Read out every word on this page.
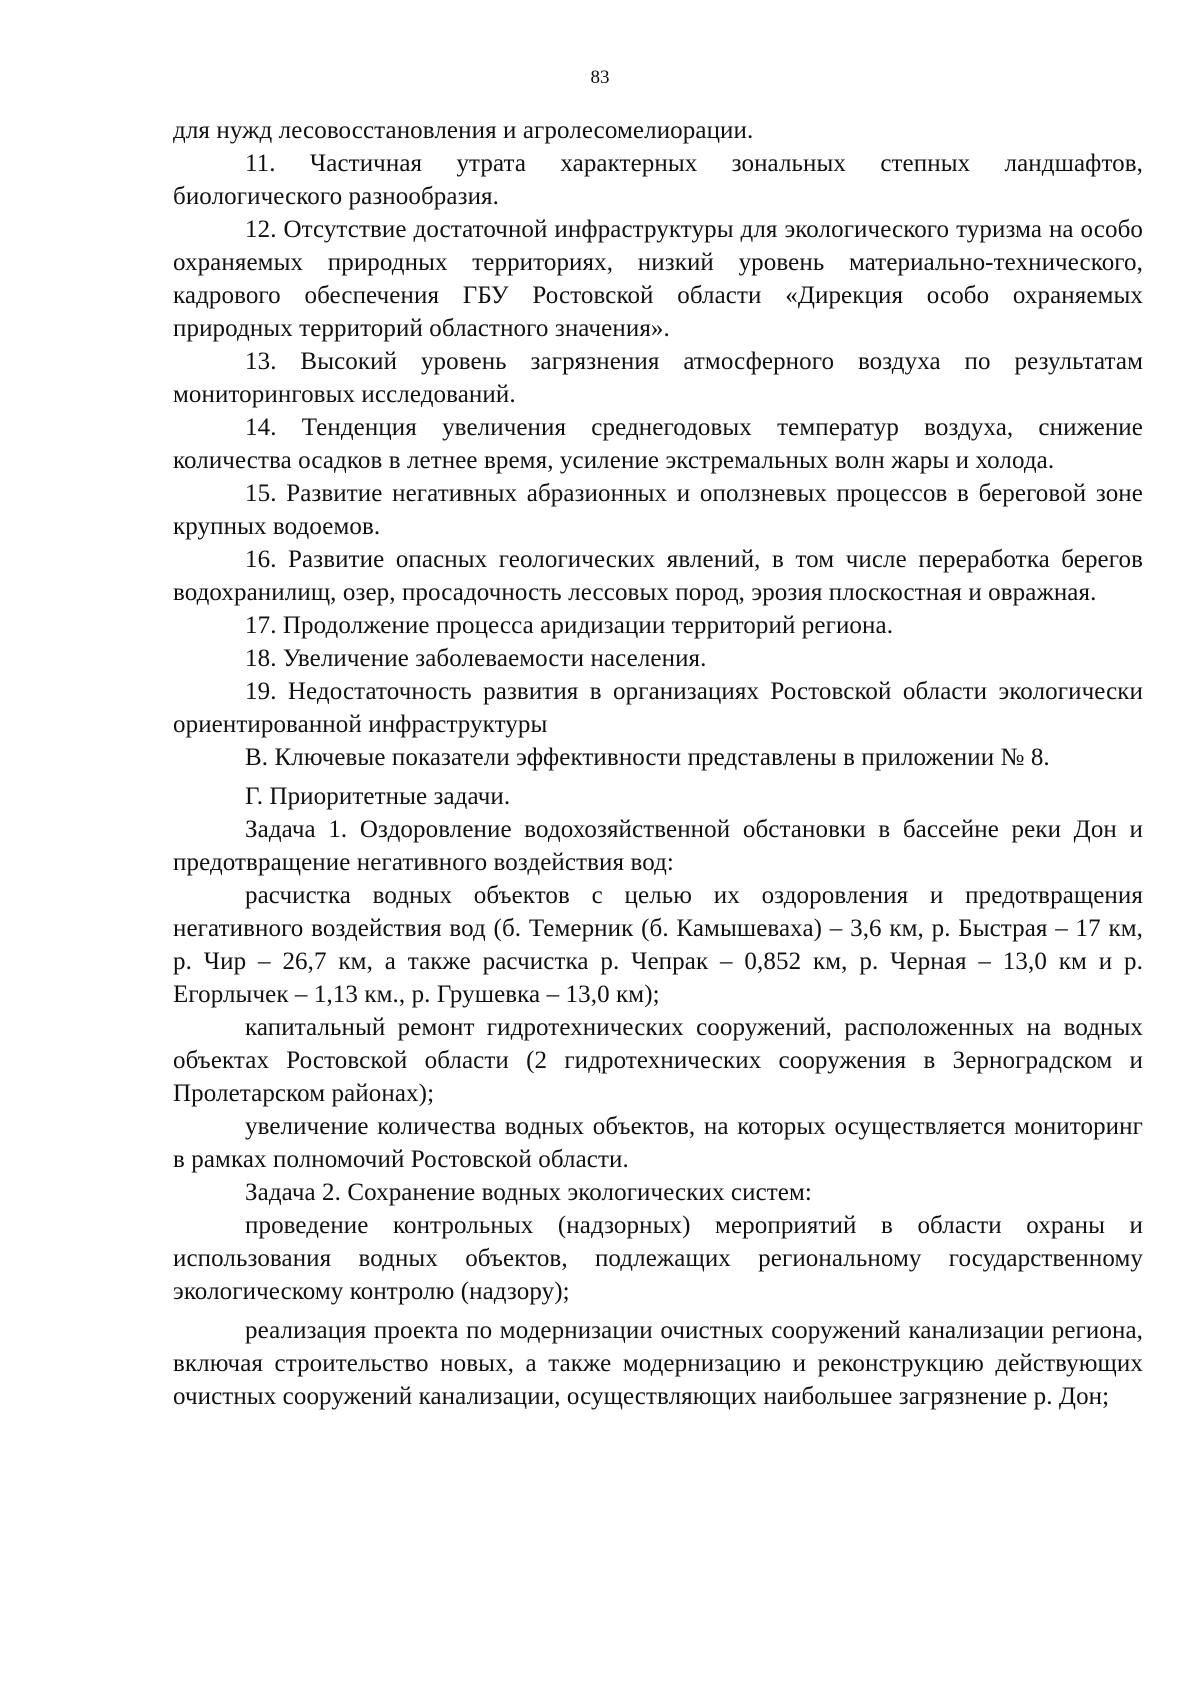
83

для нужд лесовосстановления и агролесомелиорации.

11. Частичная утрата характерных зональных степных ландшафтов, биологического разнообразия.

12. Отсутствие достаточной инфраструктуры для экологического туризма на особо охраняемых природных территориях, низкий уровень материально-технического, кадрового обеспечения ГБУ Ростовской области «Дирекция особо охраняемых природных территорий областного значения».

13. Высокий уровень загрязнения атмосферного воздуха по результатам мониторинговых исследований.

14. Тенденция увеличения среднегодовых температур воздуха, снижение количества осадков в летнее время, усиление экстремальных волн жары и холода.

15. Развитие негативных абразионных и оползневых процессов в береговой зоне крупных водоемов.

16. Развитие опасных геологических явлений, в том числе переработка берегов водохранилищ, озер, просадочность лессовых пород, эрозия плоскостная и овражная.

17. Продолжение процесса аридизации территорий региона.

18. Увеличение заболеваемости населения.

19. Недостаточность развития в организациях Ростовской области экологически ориентированной инфраструктуры

В. Ключевые показатели эффективности представлены в приложении № 8.

Г. Приоритетные задачи.

Задача 1. Оздоровление водохозяйственной обстановки в бассейне реки Дон и предотвращение негативного воздействия вод:

расчистка водных объектов с целью их оздоровления и предотвращения негативного воздействия вод (б. Темерник (б. Камышеваха) – 3,6 км, р. Быстрая – 17 км, р. Чир – 26,7 км, а также расчистка р. Чепрак – 0,852 км, р. Черная – 13,0 км и р. Егорлычек – 1,13 км., р. Грушевка – 13,0 км);

капитальный ремонт гидротехнических сооружений, расположенных на водных объектах Ростовской области (2 гидротехнических сооружения в Зерноградском и Пролетарском районах);

увеличение количества водных объектов, на которых осуществляется мониторинг в рамках полномочий Ростовской области.

Задача 2. Сохранение водных экологических систем:

проведение контрольных (надзорных) мероприятий в области охраны и использования водных объектов, подлежащих региональному государственному экологическому контролю (надзору);

реализация проекта по модернизации очистных сооружений канализации региона, включая строительство новых, а также модернизацию и реконструкцию действующих очистных сооружений канализации, осуществляющих наибольшее загрязнение р. Дон;
